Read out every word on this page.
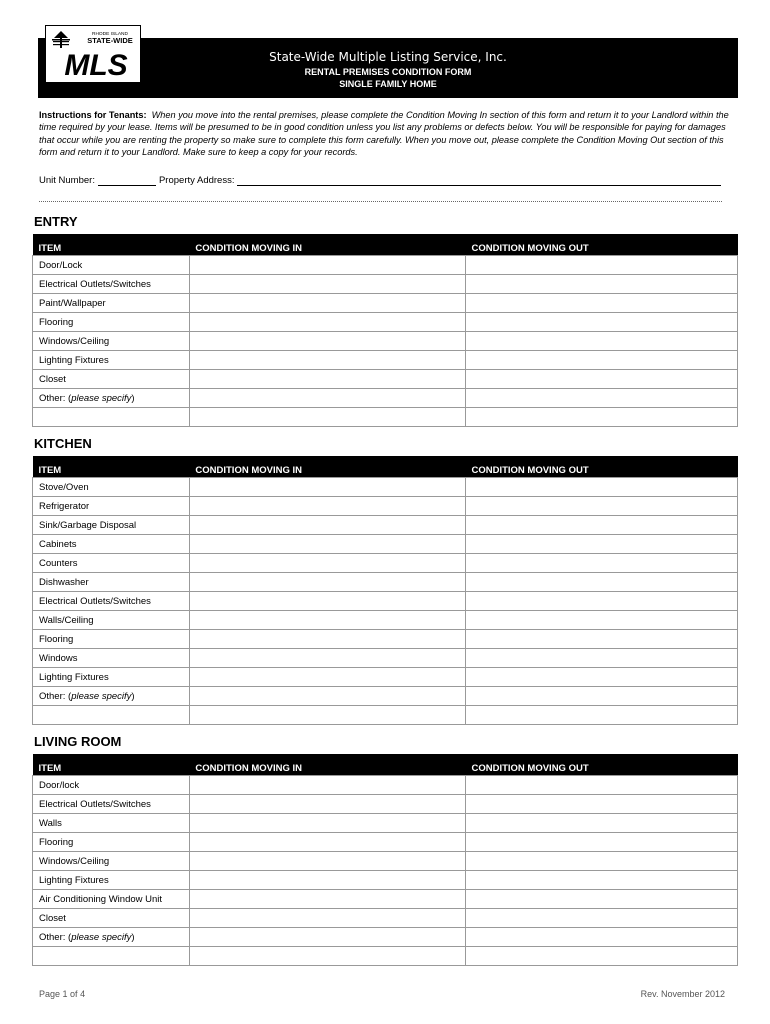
RHODE ISLAND
STATE-WIDE
MLS	State-Wide Multiple Listing Service, Inc.
RENTAL PREMISES CONDITION FORM
SINGLE FAMILY HOME
Instructions for Tenants: When you move into the rental premises, please complete the Condition Moving In section of this form and return it to your Landlord within the time required by your lease. Items will be presumed to be in good condition unless you list any problems or defects below. You will be responsible for paying for damages that occur while you are renting the property so make sure to complete this form carefully. When you move out, please complete the Condition Moving Out section of this form and return it to your Landlord. Make sure to keep a copy for your records.
Unit Number:	Property Address:
ENTRY
ITEM	CONDITION MOVING IN	CONDITION MOVING OUT
Door/Lock		
Electrical Outlets/Switches		
Paint/Wallpaper		
Flooring		
Windows/Ceiling		
Lighting Fixtures		
Closet		
Other: (please specify)		

KITCHEN
ITEM	CONDITION MOVING IN	CONDITION MOVING OUT
Stove/Oven		
Refrigerator		
Sink/Garbage Disposal		
Cabinets		
Counters		
Dishwasher		
Electrical Outlets/Switches		
Walls/Ceiling		
Flooring		
Windows		
Lighting Fixtures		
Other: (please specify)		

LIVING ROOM
ITEM	CONDITION MOVING IN	CONDITION MOVING OUT
Door/lock		
Electrical Outlets/Switches		
Walls		
Flooring		
Windows/Ceiling		
Lighting Fixtures		
Air Conditioning Window Unit		
Closet		
Other: (please specify)		

Page 1 of 4	Rev. November 2012
